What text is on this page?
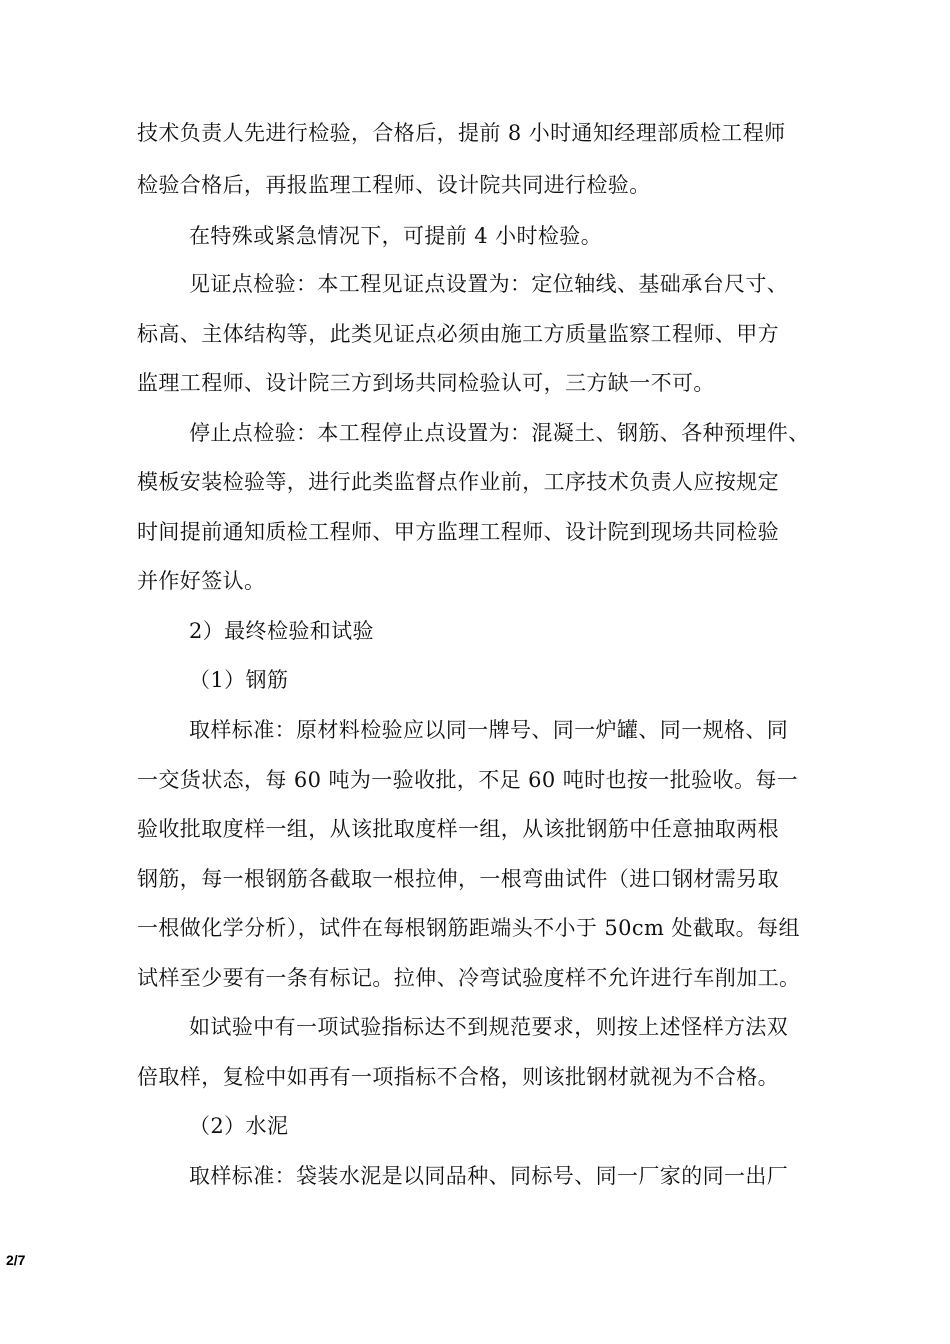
技术负责人先进行检验，合格后，提前 8 小时通知经理部质检工程师
检验合格后，再报监理工程师、设计院共同进行检验。
在特殊或紧急情况下，可提前 4 小时检验。
见证点检验：本工程见证点设置为：定位轴线、基础承台尺寸、
标高、主体结构等，此类见证点必须由施工方质量监察工程师、甲方
监理工程师、设计院三方到场共同检验认可，三方缺一不可。
停止点检验：本工程停止点设置为：混凝土、钢筋、各种预埋件、
模板安装检验等，进行此类监督点作业前，工序技术负责人应按规定
时间提前通知质检工程师、甲方监理工程师、设计院到现场共同检验
并作好签认。
2）最终检验和试验
（1）钢筋
取样标准：原材料检验应以同一牌号、同一炉罐、同一规格、同
一交货状态，每 60 吨为一验收批，不足 60 吨时也按一批验收。每一
验收批取度样一组，从该批取度样一组，从该批钢筋中任意抽取两根
钢筋，每一根钢筋各截取一根拉伸，一根弯曲试件（进口钢材需另取
一根做化学分析），试件在每根钢筋距端头不小于 50cm 处截取。每组
试样至少要有一条有标记。拉伸、冷弯试验度样不允许进行车削加工。
如试验中有一项试验指标达不到规范要求，则按上述怪样方法双
倍取样，复检中如再有一项指标不合格，则该批钢材就视为不合格。
（2）水泥
取样标准：袋装水泥是以同品种、同标号、同一厂家的同一出厂
2/7
